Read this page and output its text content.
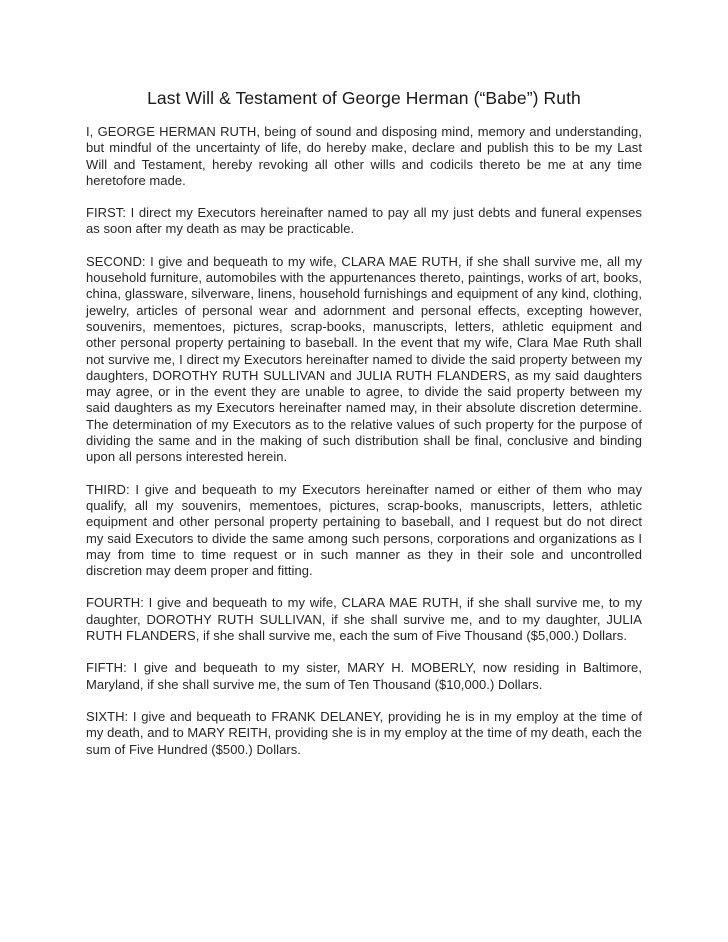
Last Will & Testament of George Herman (“Babe”) Ruth

I, GEORGE HERMAN RUTH, being of sound and disposing mind, memory and understanding, but mindful of the uncertainty of life, do hereby make, declare and publish this to be my Last Will and Testament, hereby revoking all other wills and codicils thereto be me at any time heretofore made.

FIRST: I direct my Executors hereinafter named to pay all my just debts and funeral expenses as soon after my death as may be practicable.

SECOND: I give and bequeath to my wife, CLARA MAE RUTH, if she shall survive me, all my household furniture, automobiles with the appurtenances thereto, paintings, works of art, books, china, glassware, silverware, linens, household furnishings and equipment of any kind, clothing, jewelry, articles of personal wear and adornment and personal effects, excepting however, souvenirs, mementoes, pictures, scrap-books, manuscripts, letters, athletic equipment and other personal property pertaining to baseball. In the event that my wife, Clara Mae Ruth shall not survive me, I direct my Executors hereinafter named to divide the said property between my daughters, DOROTHY RUTH SULLIVAN and JULIA RUTH FLANDERS, as my said daughters may agree, or in the event they are unable to agree, to divide the said property between my said daughters as my Executors hereinafter named may, in their absolute discretion determine. The determination of my Executors as to the relative values of such property for the purpose of dividing the same and in the making of such distribution shall be final, conclusive and binding upon all persons interested herein.

THIRD: I give and bequeath to my Executors hereinafter named or either of them who may qualify, all my souvenirs, mementoes, pictures, scrap-books, manuscripts, letters, athletic equipment and other personal property pertaining to baseball, and I request but do not direct my said Executors to divide the same among such persons, corporations and organizations as I may from time to time request or in such manner as they in their sole and uncontrolled discretion may deem proper and fitting.

FOURTH: I give and bequeath to my wife, CLARA MAE RUTH, if she shall survive me, to my daughter, DOROTHY RUTH SULLIVAN, if she shall survive me, and to my daughter, JULIA RUTH FLANDERS, if she shall survive me, each the sum of Five Thousand ($5,000.) Dollars.

FIFTH: I give and bequeath to my sister, MARY H. MOBERLY, now residing in Baltimore, Maryland, if she shall survive me, the sum of Ten Thousand ($10,000.) Dollars.

SIXTH: I give and bequeath to FRANK DELANEY, providing he is in my employ at the time of my death, and to MARY REITH, providing she is in my employ at the time of my death, each the sum of Five Hundred ($500.) Dollars.
